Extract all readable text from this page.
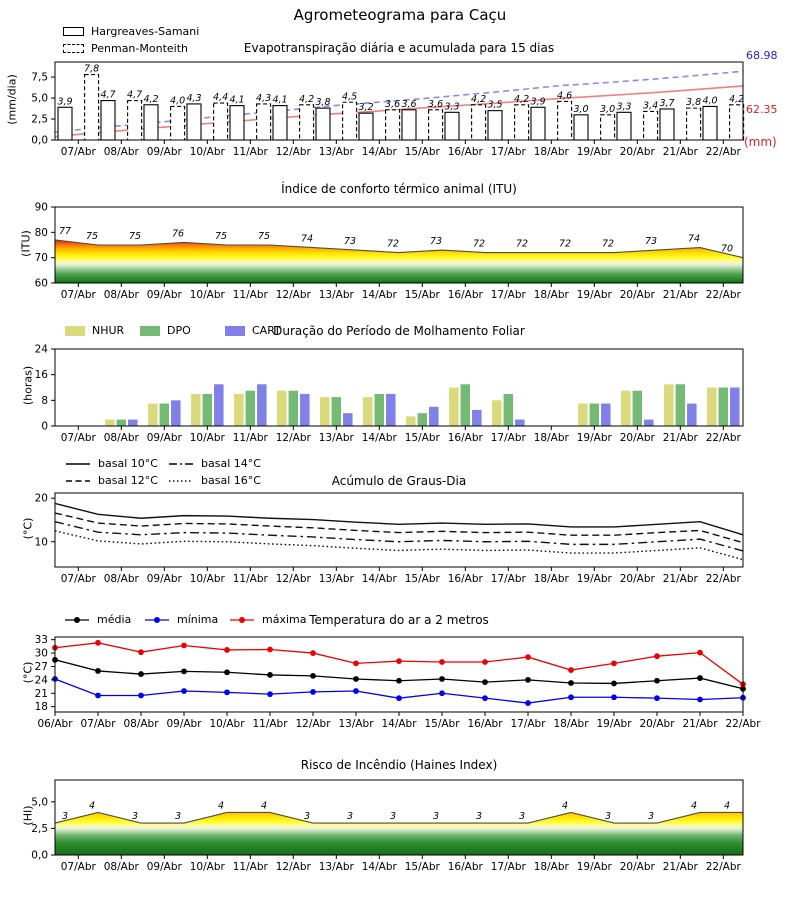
3,9
7,8
4,7 4,7 4,2 4,0 4,3 4,4 4,1 4,3 4,1 4,2 3,8
4,5
3,2 3,6 3,6 3,6 3,3
4,2
3,5
4,2 3,9
4,6
3,0 3,0 3,3 3,4 3,7 3,8 4,0 4,2
07/Abr 08/Abr 09/Abr 10/Abr 11/Abr 12/Abr 13/Abr 14/Abr 15/Abr 16/Abr 17/Abr 18/Abr 19/Abr 20/Abr 21/Abr 22/Abr
0,0
2,5
5,0
7,5
77 75	75	76	75	75	74	73	72	73	72	72	72	72	73	74
70
07/Abr 08/Abr 09/Abr 10/Abr 11/Abr 12/Abr 13/Abr 14/Abr 15/Abr 16/Abr 17/Abr 18/Abr 19/Abr 20/Abr 21/Abr 22/Abr
60
70
80
90
07/Abr 08/Abr 09/Abr 10/Abr 11/Abr 12/Abr 13/Abr 14/Abr 15/Abr 16/Abr 17/Abr 18/Abr 19/Abr 20/Abr 21/Abr 22/Abr
0
8
16
24
07/Abr 08/Abr 09/Abr 10/Abr 11/Abr 12/Abr 13/Abr 14/Abr 15/Abr 16/Abr 17/Abr 18/Abr 19/Abr 20/Abr 21/Abr 22/Abr
10
20
06/Abr 07/Abr 08/Abr 09/Abr 10/Abr 11/Abr 12/Abr 13/Abr 14/Abr 15/Abr 16/Abr 17/Abr 18/Abr 19/Abr 20/Abr 21/Abr 22/Abr
18
21
24
27
30
33
3
4
3	3
4	4
3	3	3	3	3	3
4
3	3
4	4
07/Abr 08/Abr 09/Abr 10/Abr 11/Abr 12/Abr 13/Abr 14/Abr 15/Abr 16/Abr 17/Abr 18/Abr 19/Abr 20/Abr 21/Abr 22/Abr
0,0
2,5
5,0
Agrometeograma para Caçu
Hargreaves-Samani
Penman-Monteith	Evapotranspiração diária e acumulada para 15 dias
(mm/dia)
68.98
62.35
(mm)
Índice de conforto térmico animal (ITU)
(ITU)
NHUR	DPO	CART
Duração do Período de Molhamento Foliar
(horas)
basal 10°C
basal 12°C
basal 14°C
basal 16°C	Acúmulo de Graus-Dia
(°C)
média	mínima	máxima Temperatura do ar a 2 metros
(°C)
Risco de Incêndio (Haines Index)
(HI)
